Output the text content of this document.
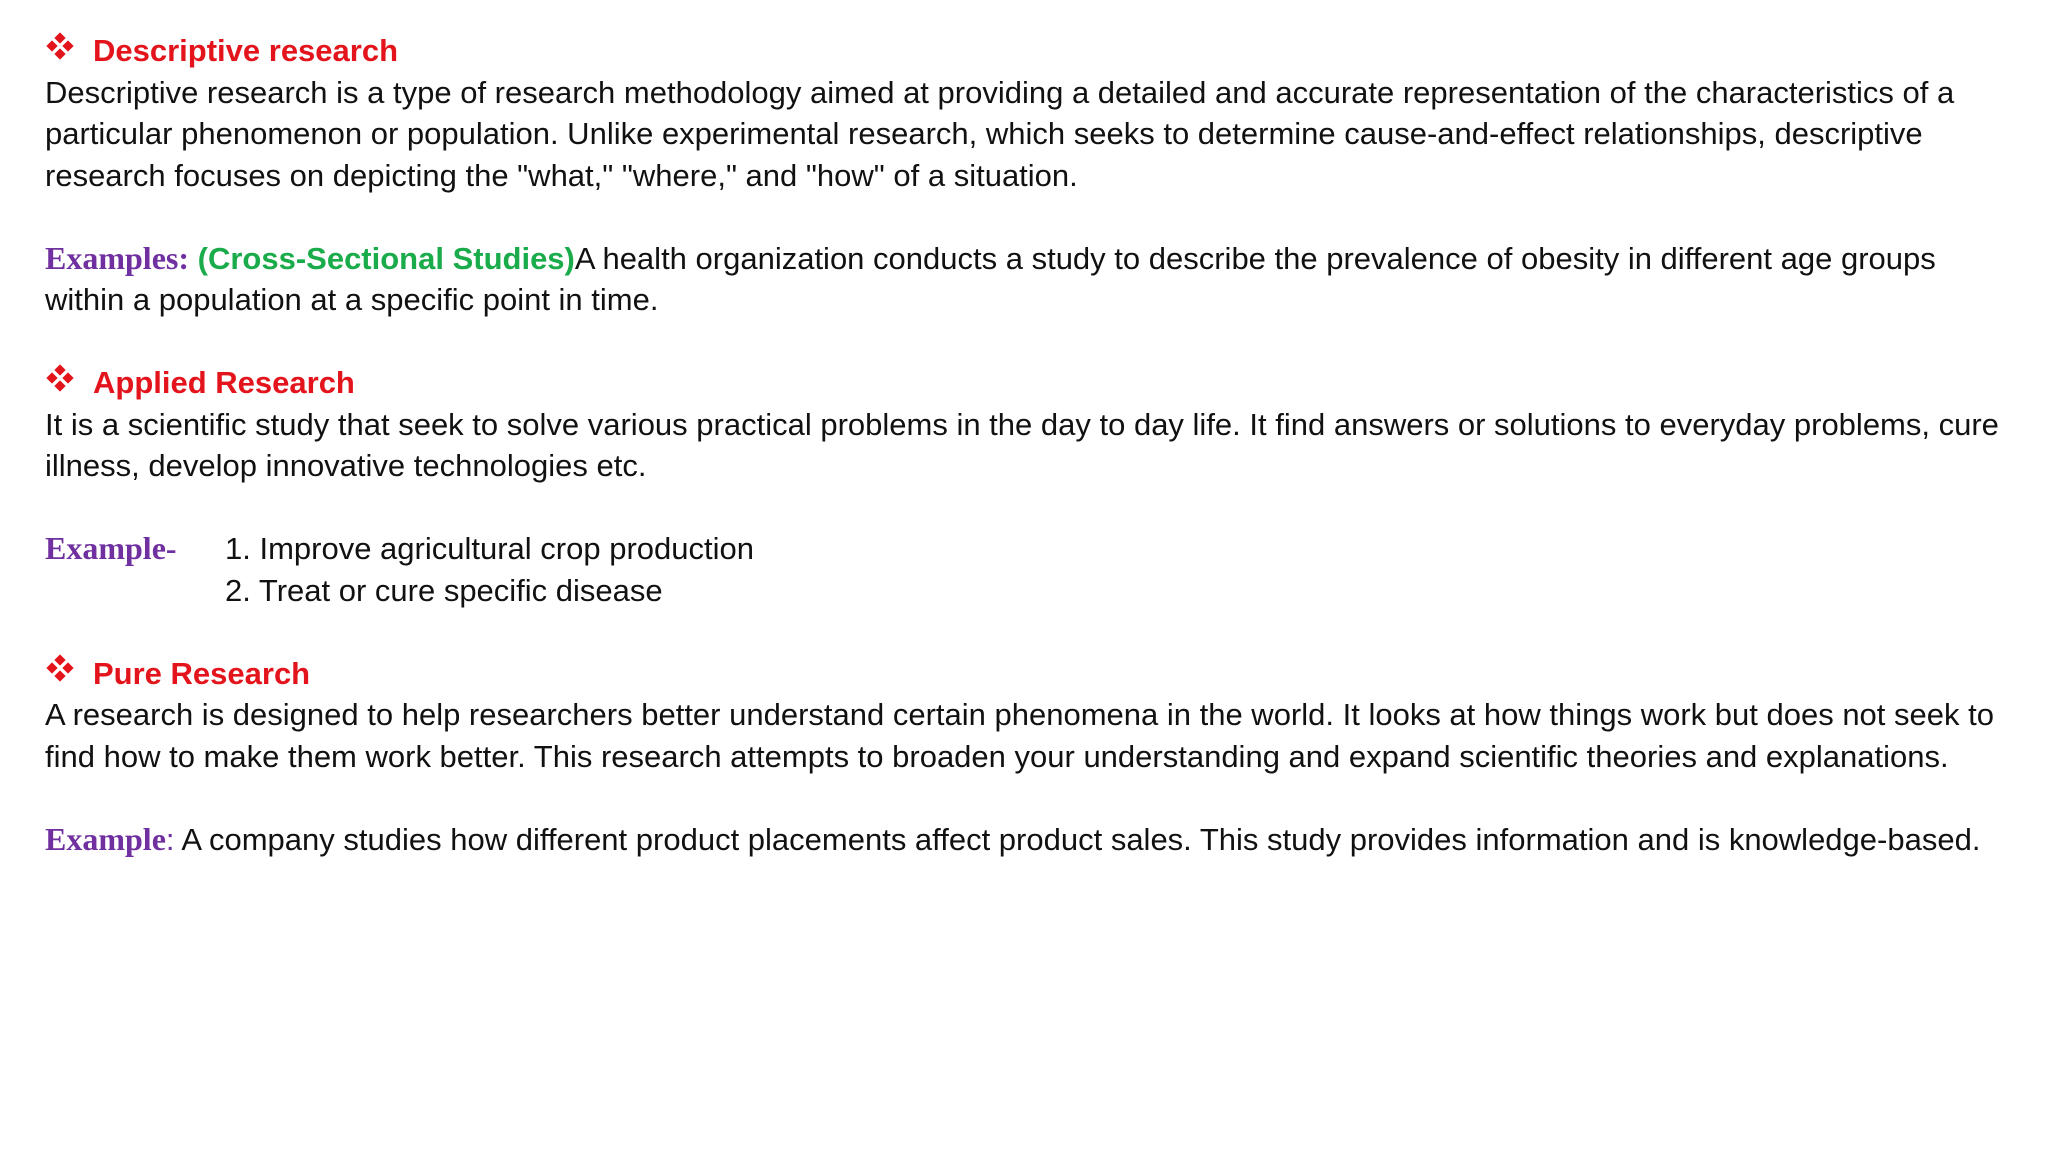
Descriptive research

Descriptive research is a type of research methodology aimed at providing a detailed and accurate representation of the characteristics of a particular phenomenon or population. Unlike experimental research, which seeks to determine cause-and-effect relationships, descriptive research focuses on depicting the "what," "where," and "how" of a situation.

Examples: (Cross-Sectional Studies)A health organization conducts a study to describe the prevalence of obesity in different age groups within a population at a specific point in time.

Applied Research

It is a scientific study that seek to solve various practical problems in the day to day life. It find answers or solutions to everyday problems, cure illness, develop innovative technologies etc.

Example-	1. Improve agricultural crop production
2. Treat or cure specific disease
Pure Research

A research is designed to help researchers better understand certain phenomena in the world. It looks at how things work but does not seek to find how to make them work better. This research attempts to broaden your understanding and expand scientific theories and explanations.

Example: A company studies how different product placements affect product sales. This study provides information and is knowledge-based.
